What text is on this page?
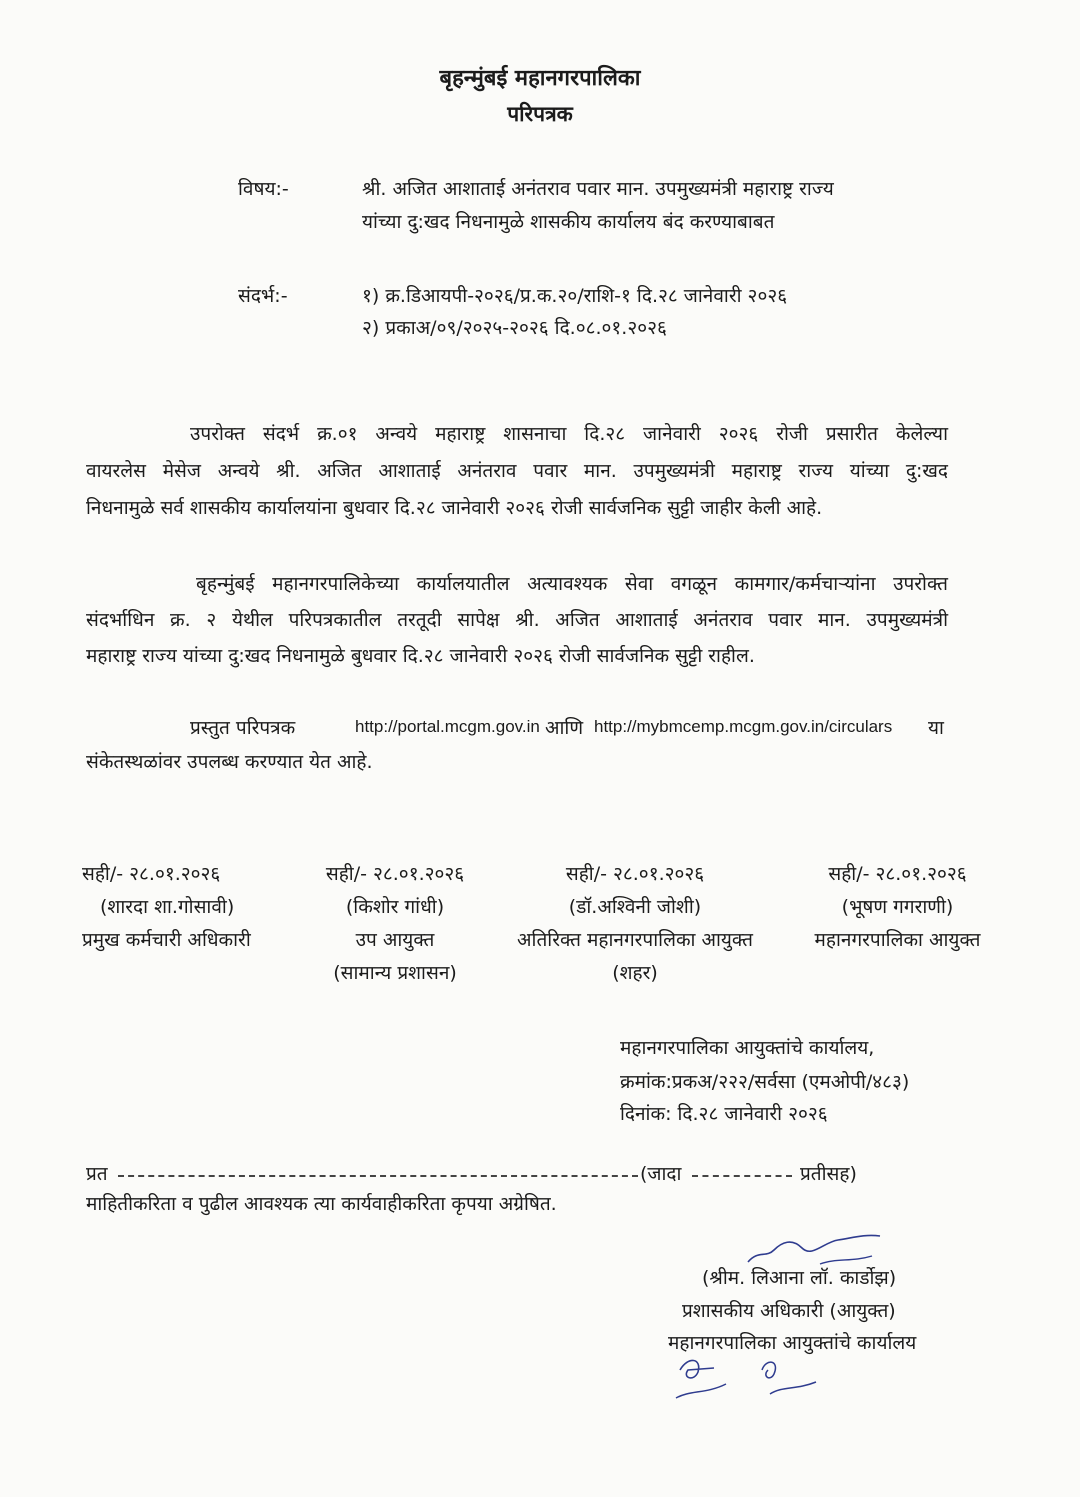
बृहन्मुंबई महानगरपालिका
परिपत्रक
विषय:-	श्री. अजित आशाताई अनंतराव पवार मान. उपमुख्यमंत्री महाराष्ट्र राज्य
यांच्या दु:खद निधनामुळे शासकीय कार्यालय बंद करण्याबाबत
संदर्भ:-	१) क्र.डिआयपी-२०२६/प्र.क.२०/राशि-१ दि.२८ जानेवारी २०२६
२) प्रकाअ/०९/२०२५-२०२६ दि.०८.०१.२०२६
उपरोक्त संदर्भ क्र.०१ अन्वये महाराष्ट्र शासनाचा दि.२८ जानेवारी २०२६ रोजी प्रसारीत केलेल्या
वायरलेस मेसेज अन्वये श्री. अजित आशाताई अनंतराव पवार मान. उपमुख्यमंत्री महाराष्ट्र राज्य यांच्या दु:खद
निधनामुळे सर्व शासकीय कार्यालयांना बुधवार दि.२८ जानेवारी २०२६ रोजी सार्वजनिक सुट्टी जाहीर केली आहे.
बृहन्मुंबई महानगरपालिकेच्या कार्यालयातील अत्यावश्यक सेवा वगळून कामगार/कर्मचाऱ्यांना उपरोक्त
संदर्भाधिन क्र. २ येथील परिपत्रकातील तरतूदी सापेक्ष श्री. अजित आशाताई अनंतराव पवार मान. उपमुख्यमंत्री
महाराष्ट्र राज्य यांच्या दु:खद निधनामुळे बुधवार दि.२८ जानेवारी २०२६ रोजी सार्वजनिक सुट्टी राहील.
प्रस्तुत परिपत्रक	http://portal.mcgm.gov.in आणि http://mybmcemp.mcgm.gov.in/circulars या
संकेतस्थळांवर उपलब्ध करण्यात येत आहे.
सही/- २८.०१.२०२६
(शारदा शा.गोसावी)
प्रमुख कर्मचारी अधिकारी
सही/- २८.०१.२०२६
(किशोर गांधी)
उप आयुक्त
(सामान्य प्रशासन)
सही/- २८.०१.२०२६
(डॉ.अश्विनी जोशी)
अतिरिक्त महानगरपालिका आयुक्त
(शहर)
सही/- २८.०१.२०२६
(भूषण गगराणी)
महानगरपालिका आयुक्त
महानगरपालिका आयुक्तांचे कार्यालय,
क्रमांक:प्रकअ/२२२/सर्वसा (एमओपी/४८३)
दिनांक: दि.२८ जानेवारी २०२६
प्रत	(जादा	प्रतीसह)
माहितीकरिता व पुढील आवश्यक त्या कार्यवाहीकरिता कृपया अग्रेषित.
(श्रीम. लिआना लॉ. कार्डोझ)
प्रशासकीय अधिकारी (आयुक्त)
महानगरपालिका आयुक्तांचे कार्यालय
